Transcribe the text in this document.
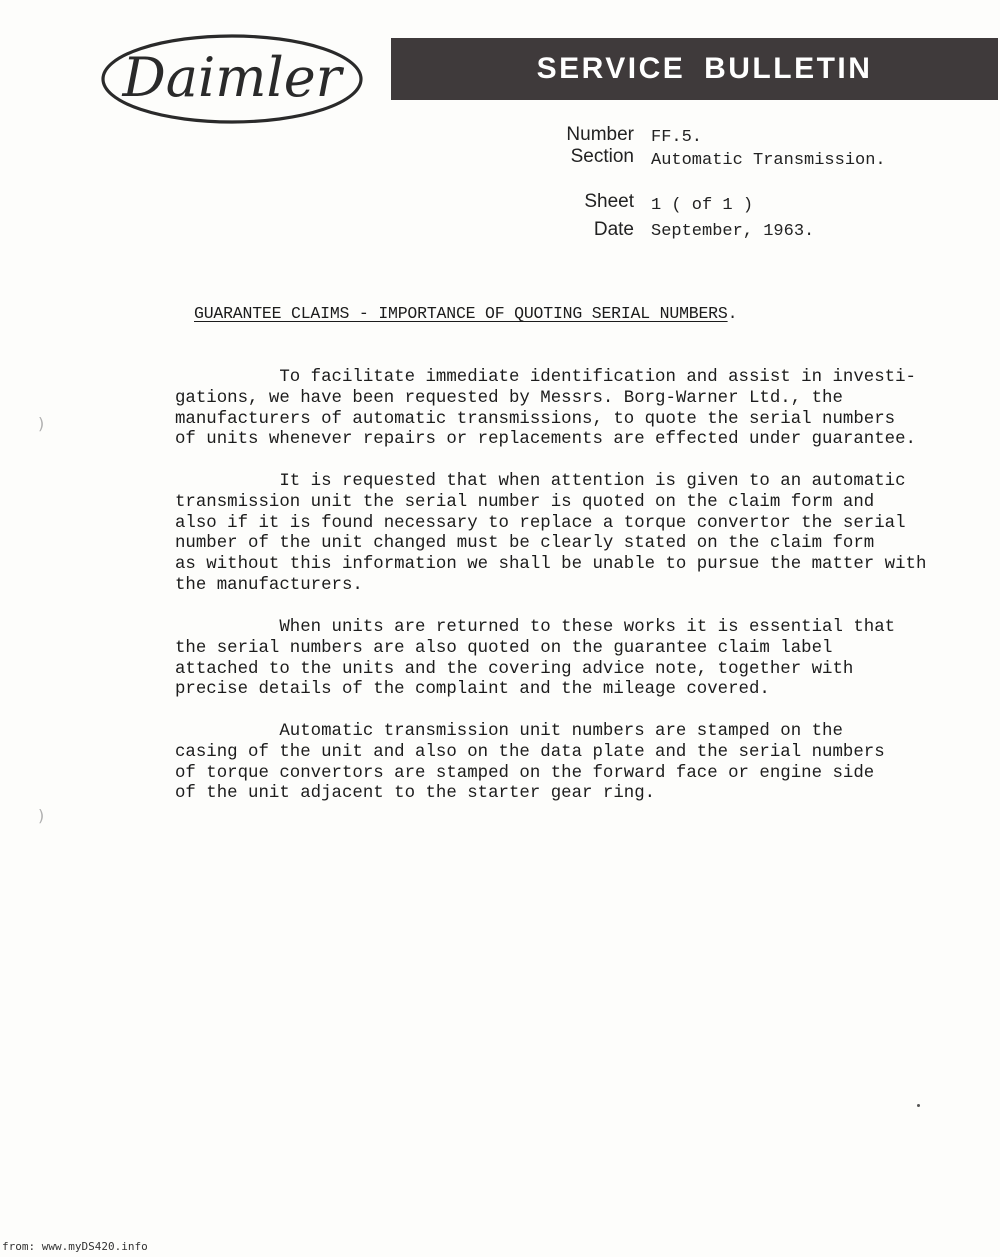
Daimler	SERVICE BULLETIN
Number FF.5.
Section Automatic Transmission.
Sheet 1 ( of 1 )
Date September, 1963.
GUARANTEE CLAIMS - IMPORTANCE OF QUOTING SERIAL NUMBERS.
To facilitate immediate identification and assist in investi-
gations, we have been requested by Messrs. Borg-Warner Ltd., the
manufacturers of automatic transmissions, to quote the serial numbers
of units whenever repairs or replacements are effected under guarantee.
It is requested that when attention is given to an automatic
transmission unit the serial number is quoted on the claim form and
also if it is found necessary to replace a torque convertor the serial
number of the unit changed must be clearly stated on the claim form
as without this information we shall be unable to pursue the matter with
the manufacturers.
When units are returned to these works it is essential that
the serial numbers are also quoted on the guarantee claim label
attached to the units and the covering advice note, together with
precise details of the complaint and the mileage covered.
Automatic transmission unit numbers are stamped on the
casing of the unit and also on the data plate and the serial numbers
of torque convertors are stamped on the forward face or engine side
of the unit adjacent to the starter gear ring.
)
)
from: www.myDS420.info
